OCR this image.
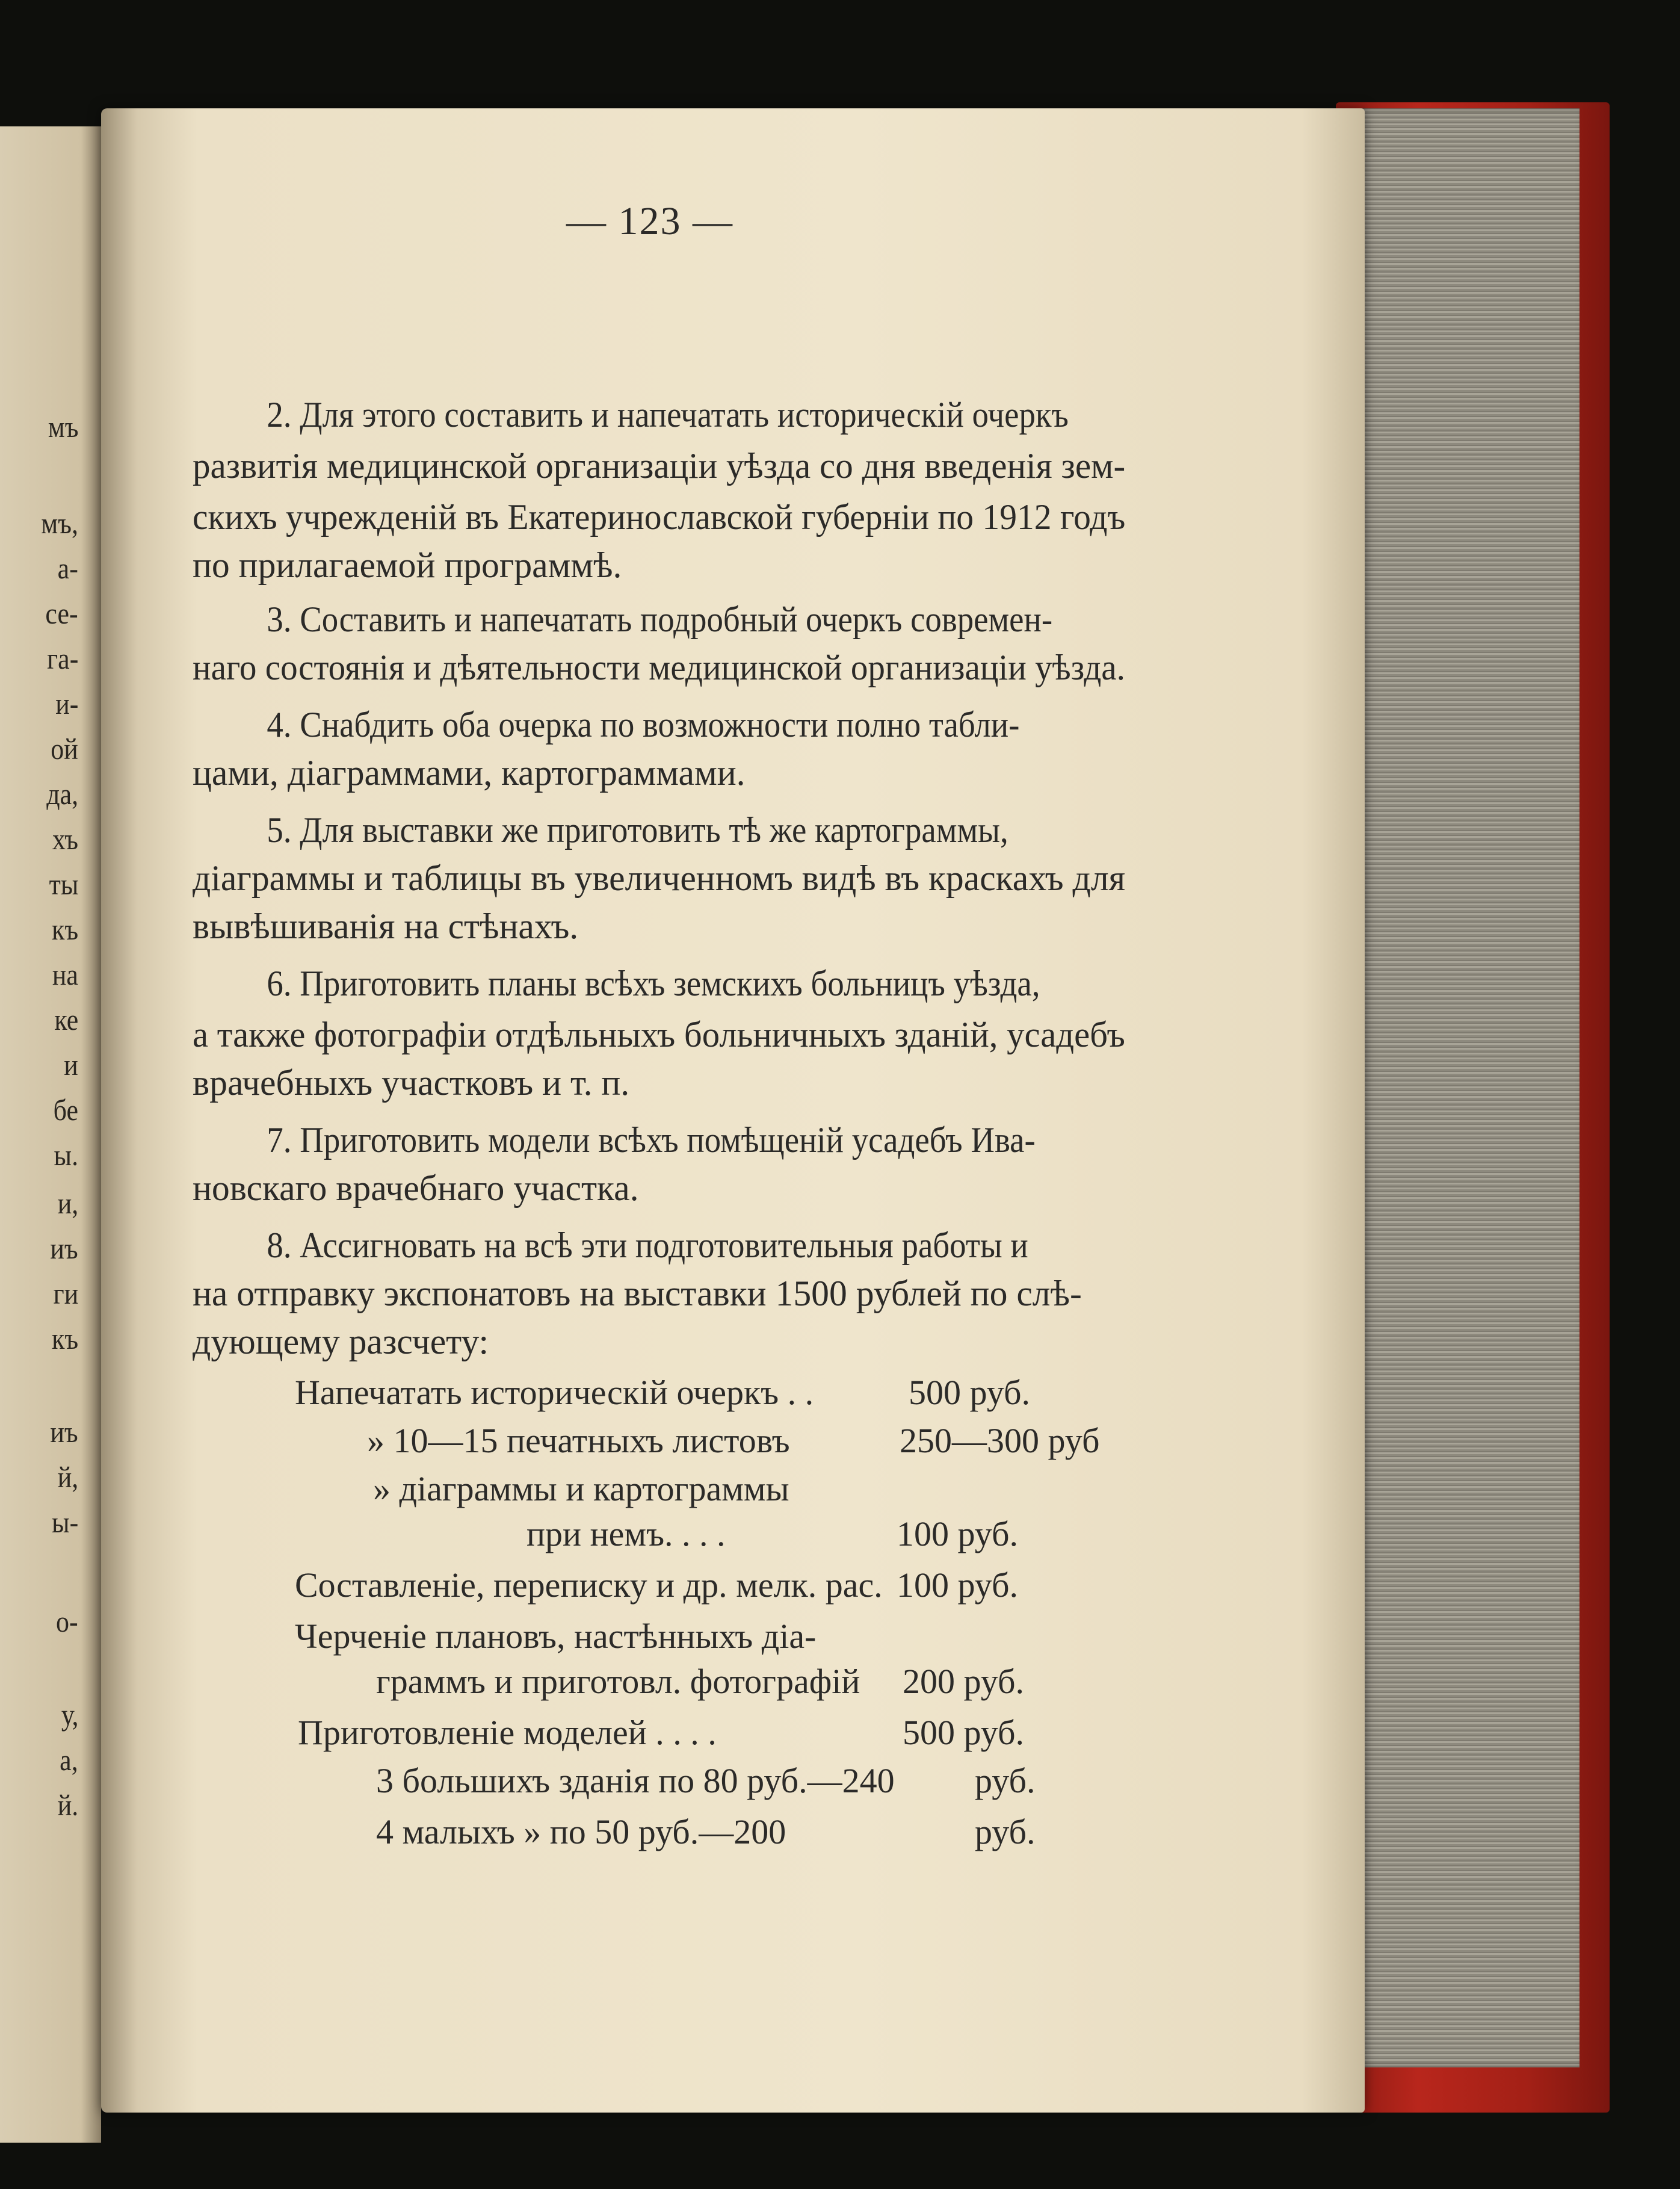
мъ
мъ,
а-
се-
га-
и-
ой
да,
хъ
ты
къ
на
ке
и
бе
ы.
и,
иъ
ги
къ
иъ
й,
ы-
о-
у,
а,
й.
— 123 —
2. Для этого составить и напечатать историческій очеркъ
развитія медицинской организаціи уѣзда со дня введенія зем-
скихъ учрежденій въ Екатеринославской губерніи по 1912 годъ
по прилагаемой программѣ.
3. Составить и напечатать подробный очеркъ современ-
наго состоянія и дѣятельности медицинской организаціи уѣзда.
4. Снабдить оба очерка по возможности полно табли-
цами, діаграммами, картограммами.
5. Для выставки же приготовить тѣ же картограммы,
діаграммы и таблицы въ увеличенномъ видѣ въ краскахъ для
вывѣшиванія на стѣнахъ.
6. Приготовить планы всѣхъ земскихъ больницъ уѣзда,
а также фотографіи отдѣльныхъ больничныхъ зданій, усадебъ
врачебныхъ участковъ и т. п.
7. Приготовить модели всѣхъ помѣщеній усадебъ Ива-
новскаго врачебнаго участка.
8. Ассигновать на всѣ эти подготовительныя работы и
на отправку экспонатовъ на выставки 1500 рублей по слѣ-
дующему разсчету:
Напечатать историческій очеркъ . .	500 руб.
» 10—15 печатныхъ листовъ	250—300 руб
» діаграммы и картограммы
при немъ. . . .	100 руб.
Составленіе, переписку и др. мелк. рас. 100 руб.
Черченіе плановъ, настѣнныхъ діа-
граммъ и приготовл. фотографій 200 руб.
Приготовленіе моделей . . . .	500 руб.
3 большихъ зданія по 80 руб.—240 руб.
4 малыхъ » по 50 руб.—200	руб.
